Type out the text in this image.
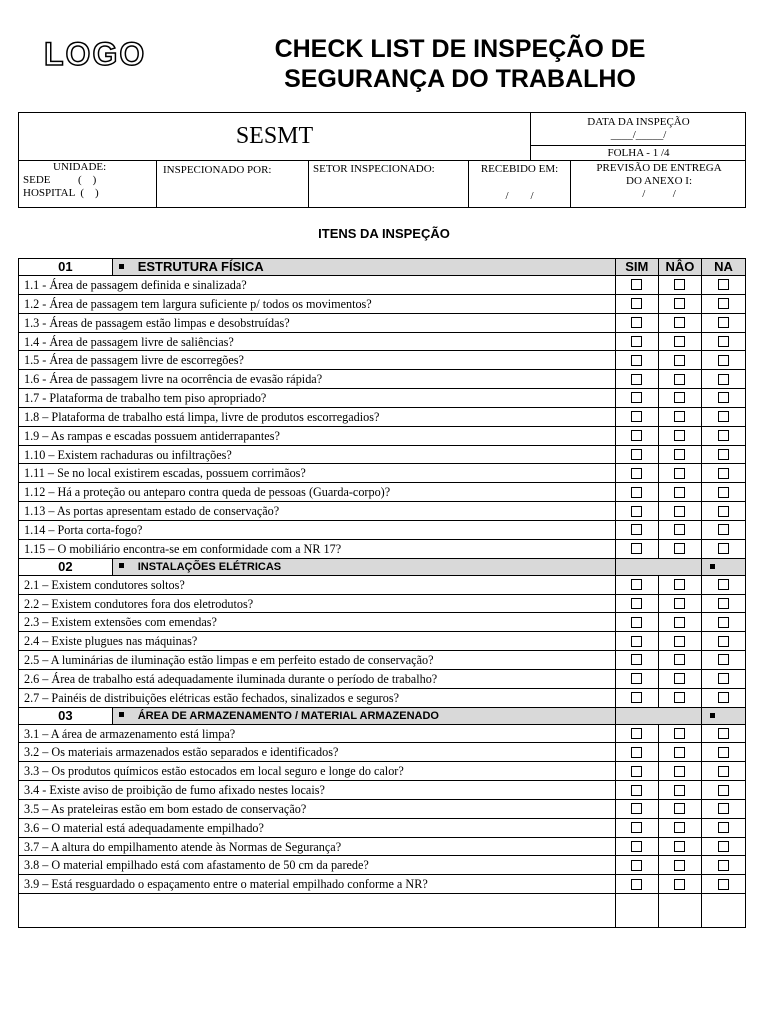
LOGO	CHECK LIST DE INSPEÇÃO DE
SEGURANÇA DO TRABALHO
SESMT
DATA DA INSPEÇÃO
____/_____/
FOLHA - 1 /4
UNIDADE:
SEDE          (    )
HOSPITAL  (    )
INSPECIONADO POR:	SETOR INSPECIONADO:	RECEBIDO EM:
/        /
PREVISÃO DE ENTREGA
DO ANEXO I:
/          /
ITENS DA INSPEÇÃO
01	ESTRUTURA FÍSICA	SIM	NÂO	NA
1.1 - Área de passagem definida e sinalizada?
1.2 - Área de passagem tem largura suficiente p/ todos os movimentos?
1.3 - Áreas de passagem estão limpas e desobstruídas?
1.4 - Área de passagem livre de saliências?
1.5 - Área de passagem livre de escorregões?
1.6 - Área de passagem livre na ocorrência de evasão rápida?
1.7 - Plataforma de trabalho tem piso apropriado?
1.8 – Plataforma de trabalho está limpa, livre de produtos escorregadios?
1.9 – As rampas e escadas possuem antiderrapantes?
1.10 – Existem rachaduras ou infiltrações?
1.11 – Se no local existirem escadas, possuem corrimãos?
1.12 – Há a proteção ou anteparo contra queda de pessoas (Guarda-corpo)?
1.13 – As portas apresentam estado de conservação?
1.14 – Porta corta-fogo?
1.15 – O mobiliário encontra-se em conformidade com a NR 17?
02	INSTALAÇÕES ELÉTRICAS
2.1 – Existem condutores soltos?
2.2 – Existem condutores fora dos eletrodutos?
2.3 – Existem extensões com emendas?
2.4 – Existe plugues nas máquinas?
2.5 – A luminárias de iluminação estão limpas e em perfeito estado de conservação?
2.6 – Área de trabalho está adequadamente iluminada durante o período de trabalho?
2.7 – Painéis de distribuições elétricas estão fechados, sinalizados e seguros?
03	ÁREA DE ARMAZENAMENTO / MATERIAL ARMAZENADO
3.1 – A área de armazenamento está limpa?
3.2 – Os materiais armazenados estão separados e identificados?
3.3 – Os produtos químicos estão estocados em local seguro e longe do calor?
3.4 - Existe aviso de proibição de fumo afixado nestes locais?
3.5 – As prateleiras estão em bom estado de conservação?
3.6 – O material está adequadamente empilhado?
3.7 – A altura do empilhamento atende às Normas de Segurança?
3.8 – O material empilhado está com afastamento de 50 cm da parede?
3.9 – Está resguardado o espaçamento entre o material empilhado conforme a NR?
